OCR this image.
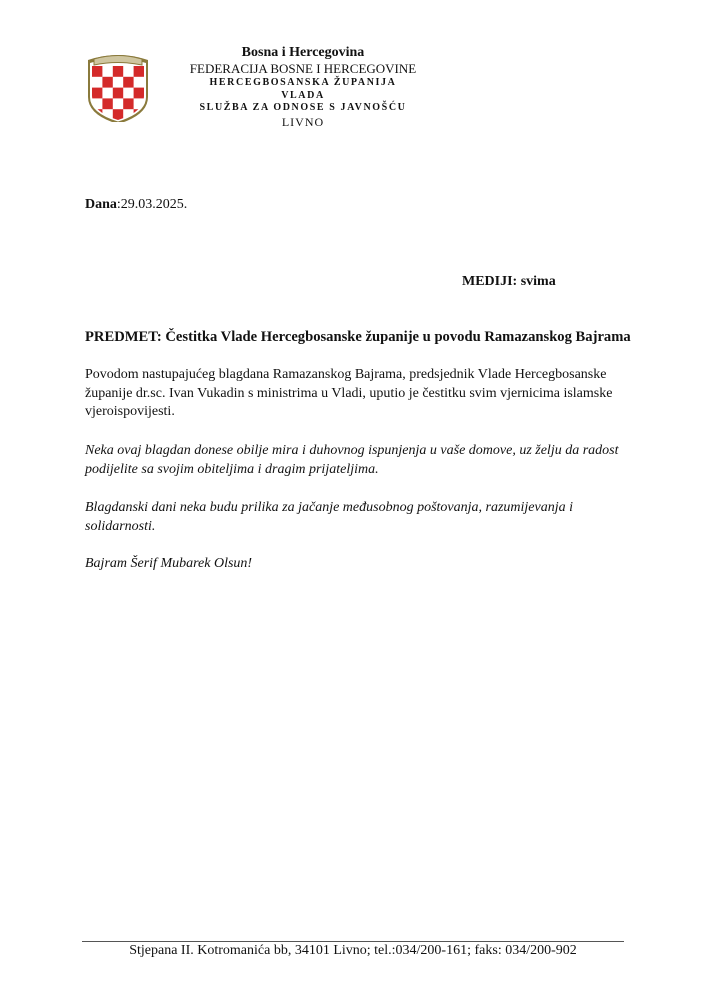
Bosna i Hercegovina
FEDERACIJA BOSNE I HERCEGOVINE
HERCEGBOSANSKA ŽUPANIJA
VLADA
SLUŽBA ZA ODNOSE S JAVNOŠĆU
LIVNO
Dana:29.03.2025.
MEDIJI: svima
PREDMET: Čestitka Vlade Hercegbosanske županije u povodu Ramazanskog Bajrama
Povodom nastupajućeg blagdana Ramazanskog Bajrama, predsjednik Vlade Hercegbosanske županije dr.sc. Ivan Vukadin s ministrima u Vladi, uputio je čestitku svim vjernicima islamske vjeroispovijesti.
Neka ovaj blagdan donese obilje mira i duhovnog ispunjenja u vaše domove, uz želju da radost podijelite sa svojim obiteljima i dragim prijateljima.
Blagdanski dani neka budu prilika za jačanje međusobnog poštovanja, razumijevanja i solidarnosti.
Bajram Šerif Mubarek Olsun!
Stjepana II. Kotromanića bb, 34101 Livno; tel.:034/200-161; faks: 034/200-902
